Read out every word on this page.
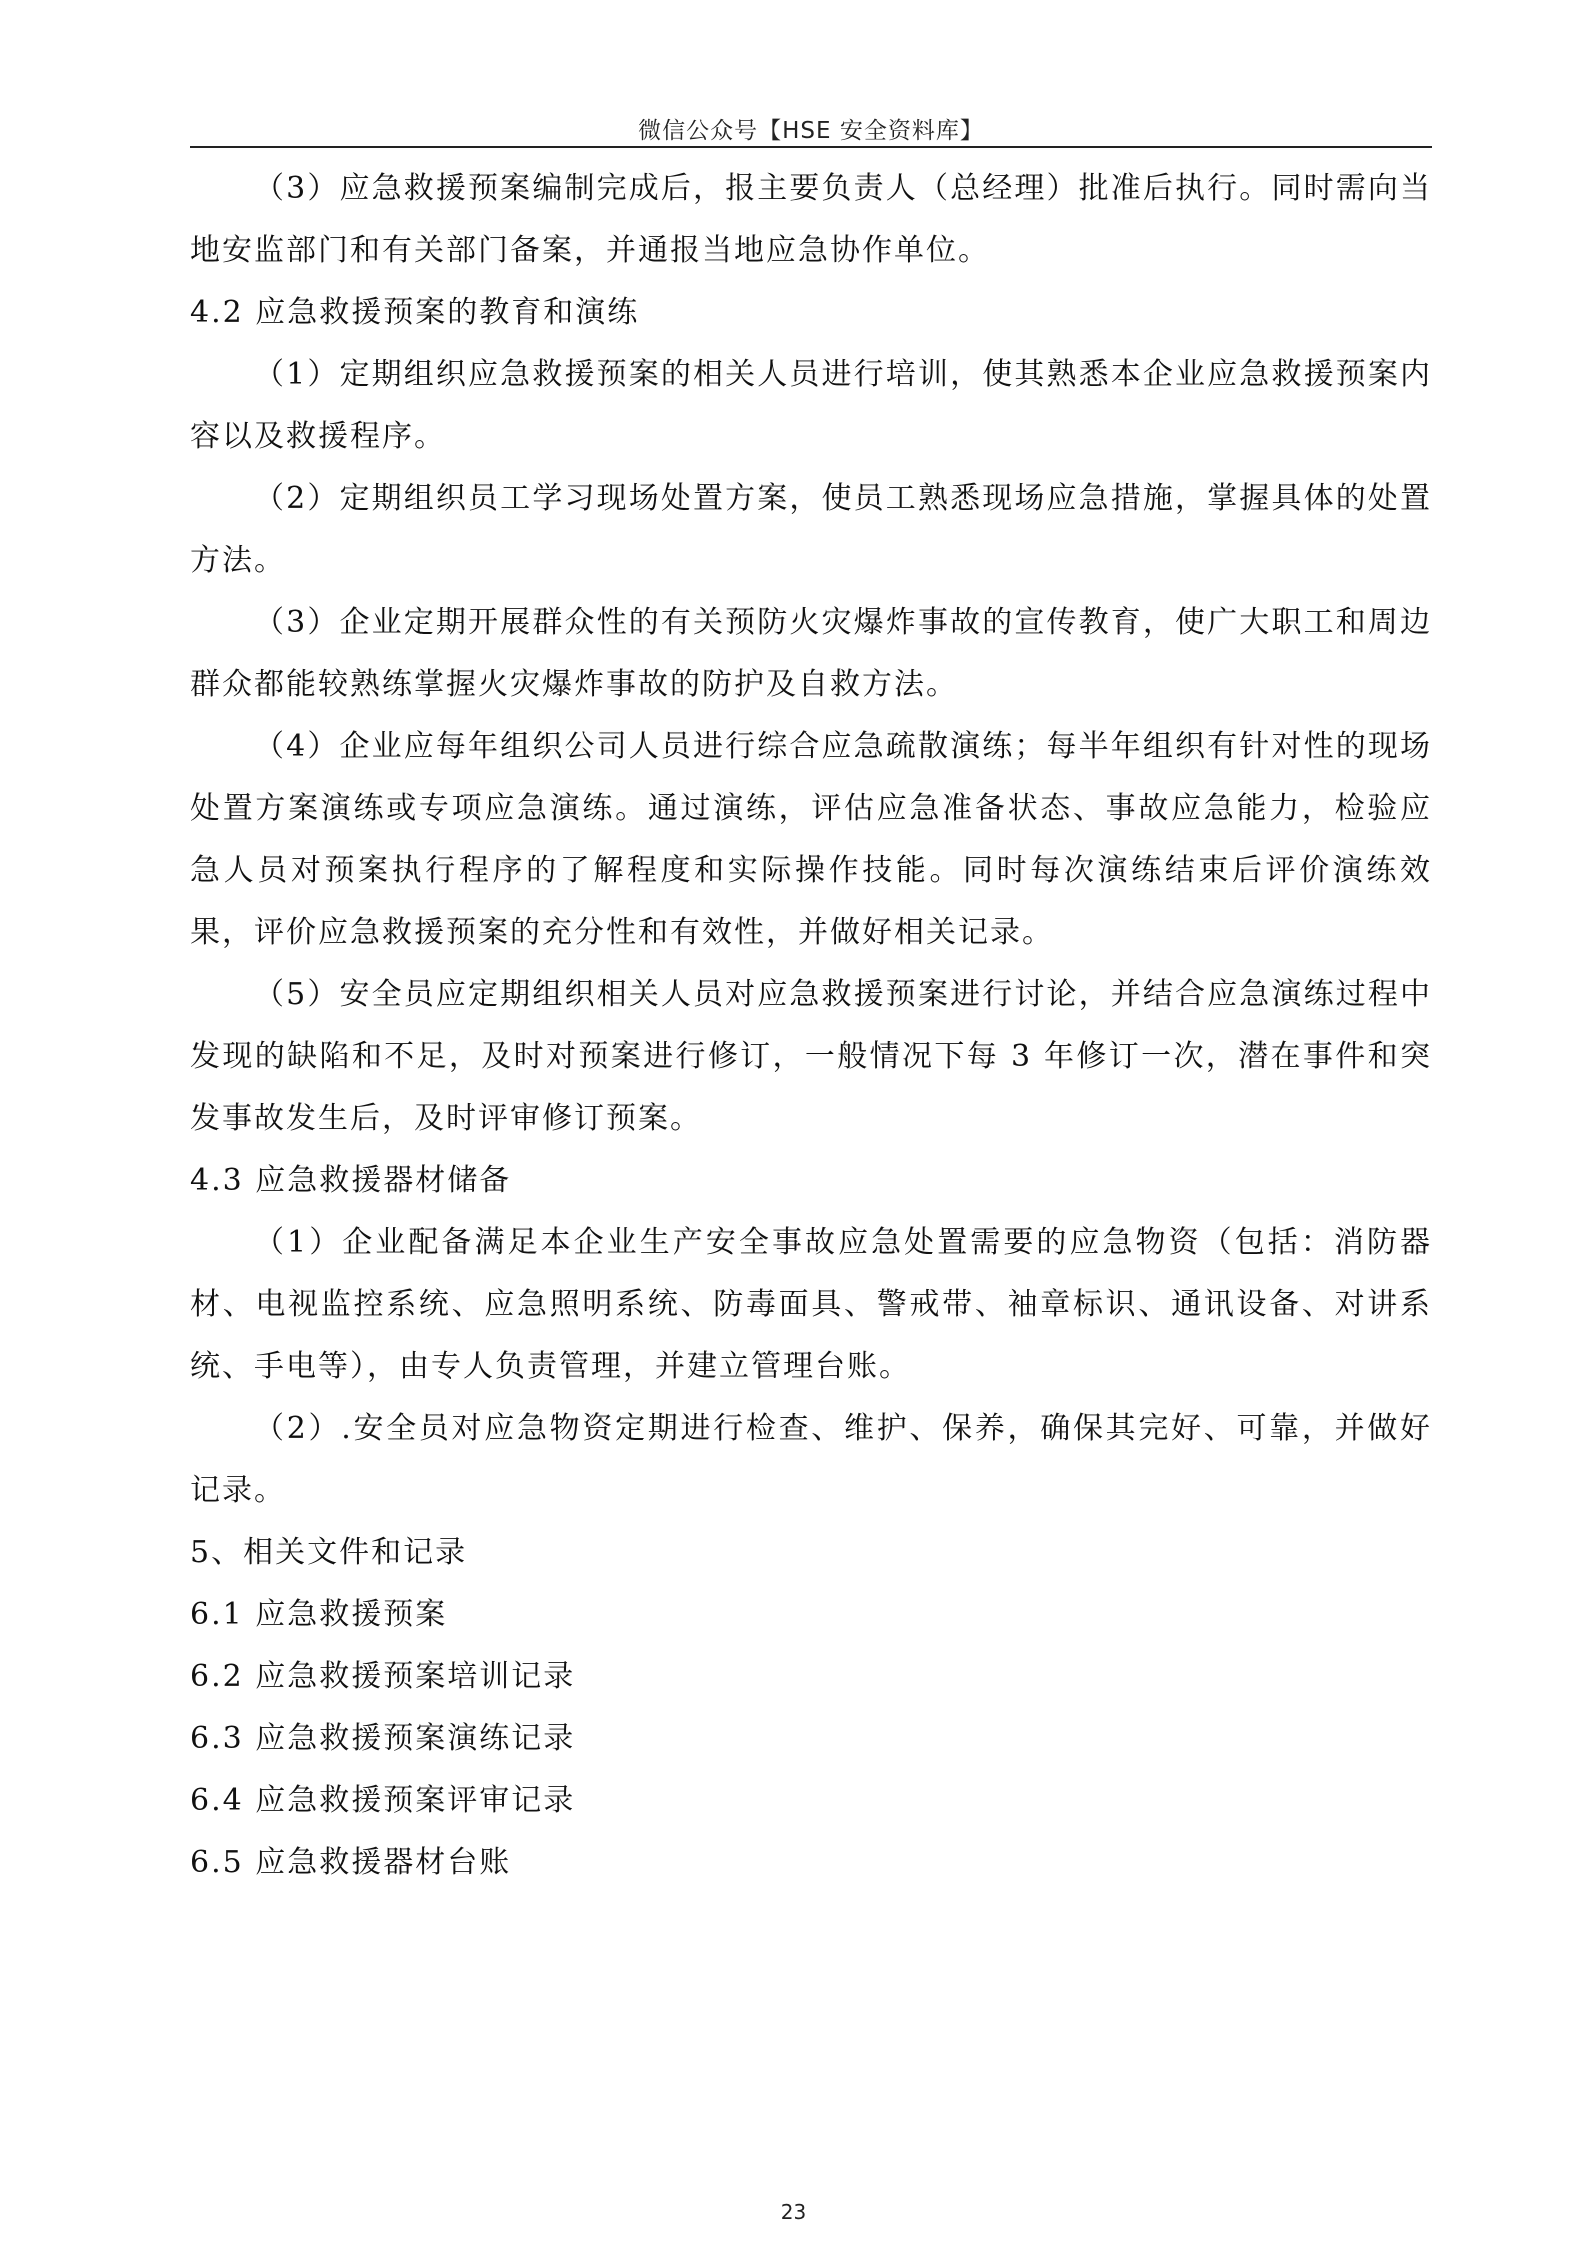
微信公众号【HSE 安全资料库】

（3）应急救援预案编制完成后，报主要负责人（总经理）批准后执行。同时需向当地安监部门和有关部门备案，并通报当地应急协作单位。

4.2 应急救援预案的教育和演练

（1）定期组织应急救援预案的相关人员进行培训，使其熟悉本企业应急救援预案内容以及救援程序。

（2）定期组织员工学习现场处置方案，使员工熟悉现场应急措施，掌握具体的处置方法。

（3）企业定期开展群众性的有关预防火灾爆炸事故的宣传教育，使广大职工和周边群众都能较熟练掌握火灾爆炸事故的防护及自救方法。

（4）企业应每年组织公司人员进行综合应急疏散演练；每半年组织有针对性的现场处置方案演练或专项应急演练。通过演练，评估应急准备状态、事故应急能力，检验应急人员对预案执行程序的了解程度和实际操作技能。同时每次演练结束后评价演练效果，评价应急救援预案的充分性和有效性，并做好相关记录。

（5）安全员应定期组织相关人员对应急救援预案进行讨论，并结合应急演练过程中发现的缺陷和不足，及时对预案进行修订，一般情况下每 3 年修订一次，潜在事件和突发事故发生后，及时评审修订预案。

4.3 应急救援器材储备

（1）企业配备满足本企业生产安全事故应急处置需要的应急物资（包括：消防器材、电视监控系统、应急照明系统、防毒面具、警戒带、袖章标识、通讯设备、对讲系统、手电等），由专人负责管理，并建立管理台账。

（2）.安全员对应急物资定期进行检查、维护、保养，确保其完好、可靠，并做好记录。

5、相关文件和记录

6.1 应急救援预案

6.2 应急救援预案培训记录

6.3 应急救援预案演练记录

6.4 应急救援预案评审记录

6.5 应急救援器材台账

23
